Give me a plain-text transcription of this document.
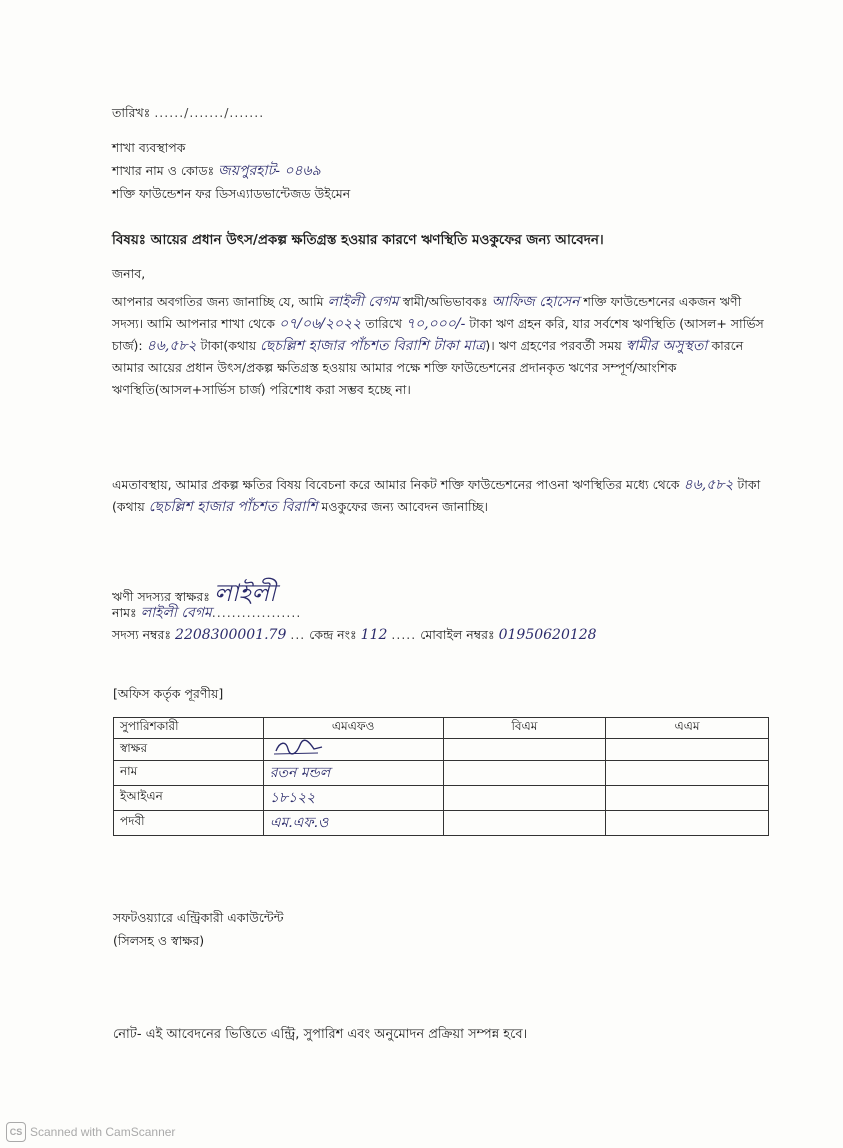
তারিখঃ ....../......./.......
শাখা ব্যবস্থাপক
শাখার নাম ও কোডঃ জয়পুরহাট- ০৪৬৯
শক্তি ফাউন্ডেশন ফর ডিসএ্যাডভান্টেজড উইমেন
বিষয়ঃ আয়ের প্রধান উৎস/প্রকল্প ক্ষতিগ্রস্ত হওয়ার কারণে ঋণস্থিতি মওকুফের জন্য আবেদন।
জনাব,
আপনার অবগতির জন্য জানাচ্ছি যে, আমি লাইলী বেগম স্বামী/অভিভাবকঃ আফিজ হোসেন শক্তি ফাউন্ডেশনের একজন ঋণী সদস্য। আমি আপনার শাখা থেকে ০৭/০৬/২০২২ তারিখে ৭০,০০০/- টাকা ঋণ গ্রহন করি, যার সর্বশেষ ঋণস্থিতি (আসল+ সার্ভিস চার্জ): ৪৬,৫৮২ টাকা(কথায় ছেচল্লিশ হাজার পাঁচশত বিরাশি টাকা মাত্র)। ঋণ গ্রহণের পরবর্তী সময় স্বামীর অসুস্থতা কারনে আমার আয়ের প্রধান উৎস/প্রকল্প ক্ষতিগ্রস্ত হওয়ায় আমার পক্ষে শক্তি ফাউন্ডেশনের প্রদানকৃত ঋণের সম্পূর্ণ/আংশিক ঋণস্থিতি(আসল+সার্ভিস চার্জ) পরিশোধ করা সম্ভব হচ্ছে না।
এমতাবস্থায়, আমার প্রকল্প ক্ষতির বিষয় বিবেচনা করে আমার নিকট শক্তি ফাউন্ডেশনের পাওনা ঋণস্থিতির মধ্যে থেকে ৪৬,৫৮২ টাকা (কথায় ছেচল্লিশ হাজার পাঁচশত বিরাশি মওকুফের জন্য আবেদন জানাচ্ছি।
ঋণী সদস্যর স্বাক্ষরঃ লাইলী
নামঃ লাইলী বেগম..................
সদস্য নম্বরঃ 2208300001.79 ... কেন্দ্র নংঃ 112 ..... মোবাইল নম্বরঃ 01950620128
[অফিস কর্তৃক পূরণীয়]
সুপারিশকারী	এমএফও	বিএম	এএম
স্বাক্ষর			
নাম	রতন মন্ডল		
ইআইএন	১৮১২২		
পদবী	এম.এফ.ও		
সফটওয়্যারে এন্ট্রিকারী একাউন্টেন্ট
(সিলসহ ও স্বাক্ষর)
নোট- এই আবেদনের ভিত্তিতে এন্ট্রি, সুপারিশ এবং অনুমোদন প্রক্রিয়া সম্পন্ন হবে।
CS Scanned with CamScanner
